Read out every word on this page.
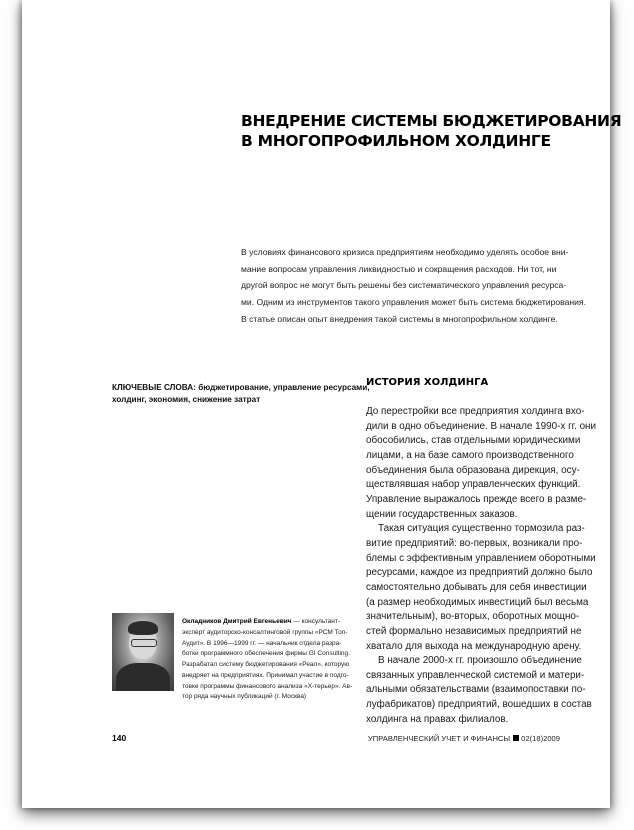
ВНЕДРЕНИЕ СИСТЕМЫ БЮДЖЕТИРОВАНИЯ
В МНОГОПРОФИЛЬНОМ ХОЛДИНГЕ
В условиях финансового кризиса предприятиям необходимо уделять особое вни-
мание вопросам управления ликвидностью и сокращения расходов. Ни тот, ни
другой вопрос не могут быть решены без систематического управления ресурса-
ми. Одним из инструментов такого управления может быть система бюджетирования.
В статье описан опыт внедрения такой системы в многопрофильном холдинге.
КЛЮЧЕВЫЕ СЛОВА: бюджетирование, управление ресурсами,
холдинг, экономия, снижение затрат
ИСТОРИЯ ХОЛДИНГА
До перестройки все предприятия холдинга вхо-
дили в одно объединение. В начале 1990-х гг. они
обособились, став отдельными юридическими
лицами, а на базе самого производственного
объединения была образована дирекция, осу-
ществлявшая набор управленческих функций.
Управление выражалось прежде всего в разме-
щении государственных заказов.
Такая ситуация существенно тормозила раз-
витие предприятий: во-первых, возникали про-
блемы с эффективным управлением оборотными
ресурсами, каждое из предприятий должно было
самостоятельно добывать для себя инвестиции
(а размер необходимых инвестиций был весьма
значительным), во-вторых, оборотных мощно-
стей формально независимых предприятий не
хватало для выхода на международную арену.
В начале 2000-х гг. произошло объединение
связанных управленческой системой и матери-
альными обязательствами (взаимопоставки по-
луфабрикатов) предприятий, вошедших в состав
холдинга на правах филиалов.
Окладников Дмитрий Евгеньевич — консультант-
эксперт аудиторско-консалтинговой группы «РСМ Топ-
Аудит». В 1996—1999 гг. — начальник отдела разра-
ботки программного обеспечения фирмы GI Consulting.
Разрабатал систему бюджетирования «Реал», которую
внедряет на предприятиях. Принимал участие в подго-
товке программы финансового анализа «X-терьер». Ав-
тор ряда научных публикаций (г. Москва)
140	УПРАВЛЕНЧЕСКИЙ УЧЕТ И ФИНАНСЫ 02(18)2009
